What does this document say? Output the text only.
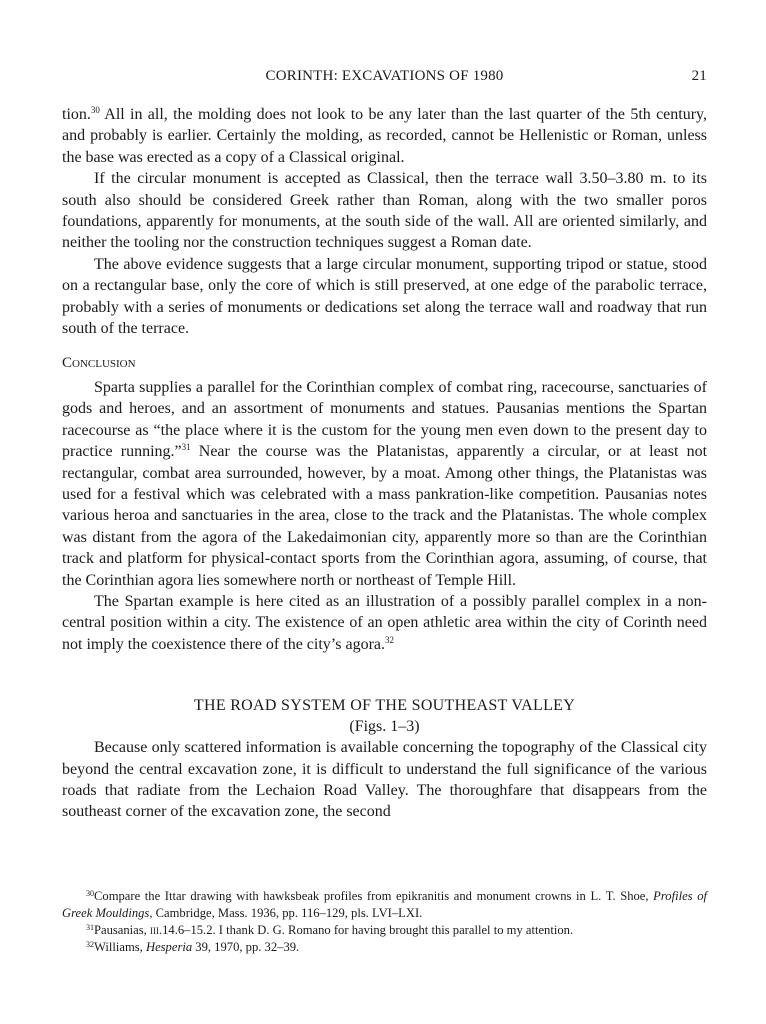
CORINTH: EXCAVATIONS OF 1980	21

tion.$^{30}$ All in all, the molding does not look to be any later than the last quarter of the 5th century, and probably is earlier. Certainly the molding, as recorded, cannot be Hellenistic or Roman, unless the base was erected as a copy of a Classical original.

If the circular monument is accepted as Classical, then the terrace wall 3.50–3.80 m. to its south also should be considered Greek rather than Roman, along with the two smaller poros foundations, apparently for monuments, at the south side of the wall. All are oriented similarly, and neither the tooling nor the construction techniques suggest a Roman date.

The above evidence suggests that a large circular monument, supporting tripod or statue, stood on a rectangular base, only the core of which is still preserved, at one edge of the parabolic terrace, probably with a series of monuments or dedications set along the terrace wall and roadway that run south of the terrace.

Conclusion

Sparta supplies a parallel for the Corinthian complex of combat ring, racecourse, sanctuaries of gods and heroes, and an assortment of monuments and statues. Pausanias mentions the Spartan racecourse as “the place where it is the custom for the young men even down to the present day to practice running.”$^{31}$ Near the course was the Platanistas, apparently a circular, or at least not rectangular, combat area surrounded, however, by a moat. Among other things, the Platanistas was used for a festival which was celebrated with a mass pankration-like competition. Pausanias notes various heroa and sanctuaries in the area, close to the track and the Platanistas. The whole complex was distant from the agora of the Lakedaimonian city, apparently more so than are the Corinthian track and platform for physical-contact sports from the Corinthian agora, assuming, of course, that the Corinthian agora lies somewhere north or northeast of Temple Hill.

The Spartan example is here cited as an illustration of a possibly parallel complex in a non-central position within a city. The existence of an open athletic area within the city of Corinth need not imply the coexistence there of the city’s agora.$^{32}$

THE ROAD SYSTEM OF THE SOUTHEAST VALLEY
(Figs. 1–3)

Because only scattered information is available concerning the topography of the Classical city beyond the central excavation zone, it is difficult to understand the full significance of the various roads that radiate from the Lechaion Road Valley. The thoroughfare that disappears from the southeast corner of the excavation zone, the second

$^{30}$Compare the Ittar drawing with hawksbeak profiles from epikranitis and monument crowns in L. T. Shoe, Profiles of Greek Mouldings, Cambridge, Mass. 1936, pp. 116–129, pls. LVI–LXI.

$^{31}$Pausanias, iii.14.6–15.2. I thank D. G. Romano for having brought this parallel to my attention.

$^{32}$Williams, Hesperia 39, 1970, pp. 32–39.
